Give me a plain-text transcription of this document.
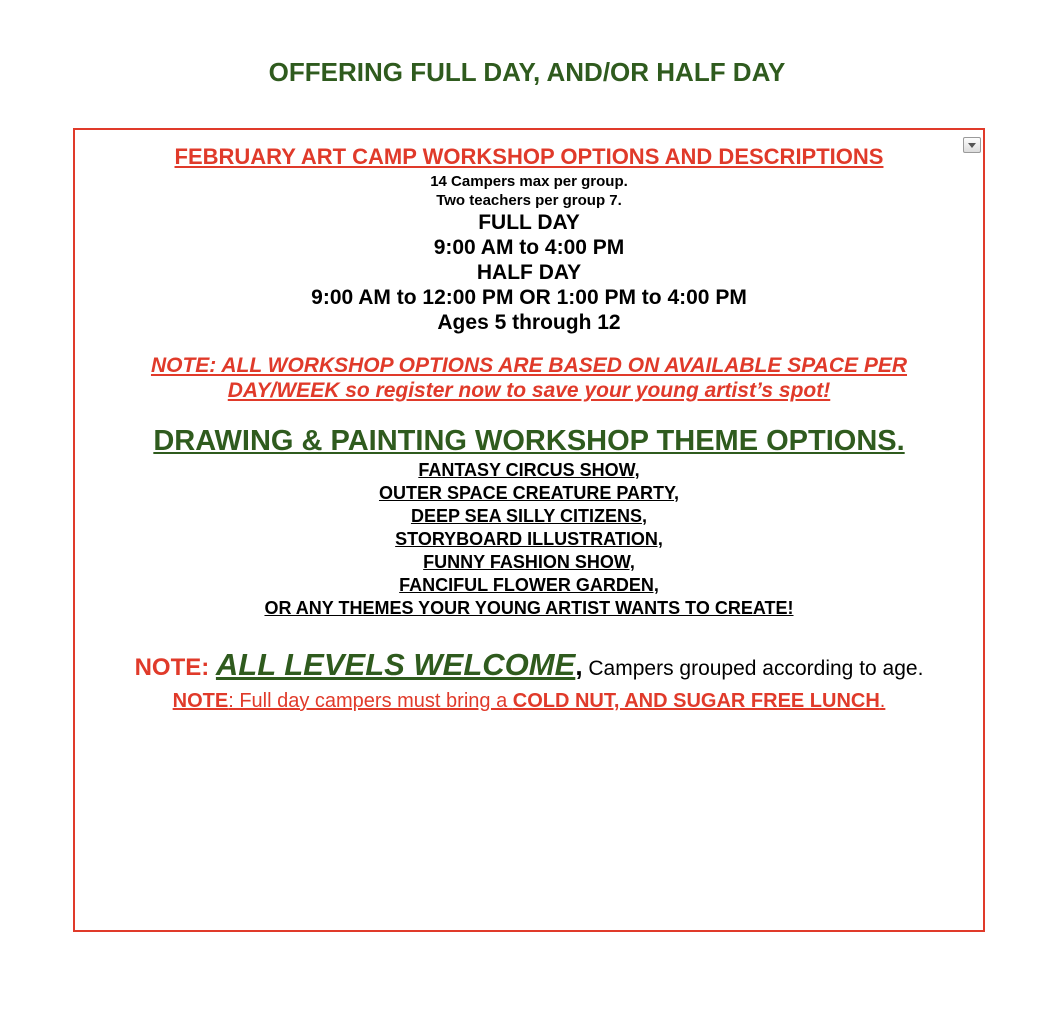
OFFERING FULL DAY, AND/OR HALF DAY
FEBRUARY ART CAMP WORKSHOP OPTIONS AND DESCRIPTIONS
14 Campers max per group.
Two teachers per group 7.
FULL DAY
9:00 AM to 4:00 PM
HALF DAY
9:00 AM to 12:00 PM OR 1:00 PM to 4:00 PM
Ages 5 through 12
NOTE: ALL WORKSHOP OPTIONS ARE BASED ON AVAILABLE SPACE PER
DAY/WEEK so register now to save your young artist’s spot!
DRAWING & PAINTING WORKSHOP THEME OPTIONS.
FANTASY CIRCUS SHOW,
OUTER SPACE CREATURE PARTY,
DEEP SEA SILLY CITIZENS,
STORYBOARD ILLUSTRATION,
FUNNY FASHION SHOW,
FANCIFUL FLOWER GARDEN,
OR ANY THEMES YOUR YOUNG ARTIST WANTS TO CREATE!
NOTE: ALL LEVELS WELCOME, Campers grouped according to age.
NOTE: Full day campers must bring a COLD NUT, AND SUGAR FREE LUNCH.
